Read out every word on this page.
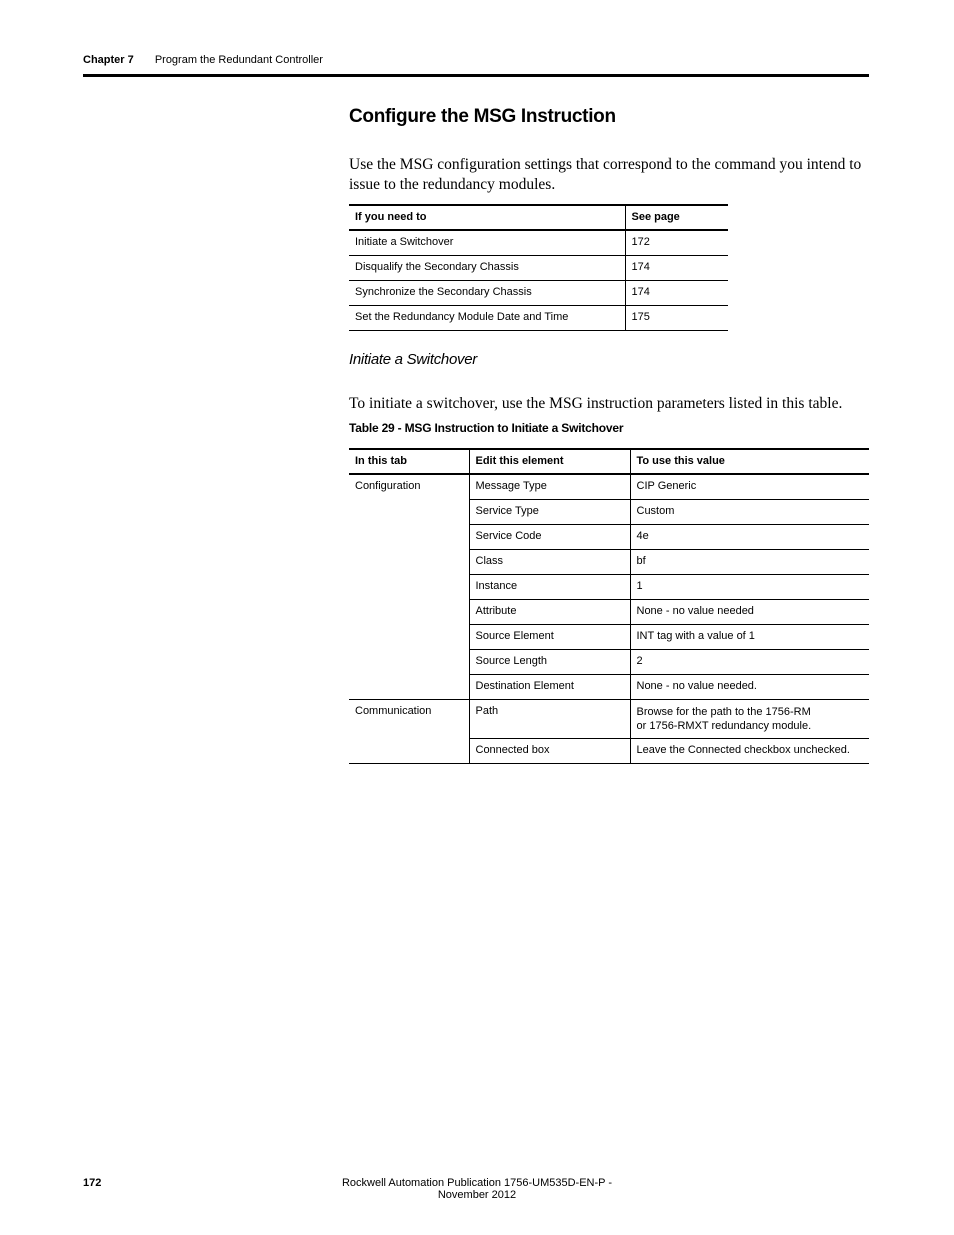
Chapter 7 Program the Redundant Controller
Configure the MSG Instruction
Use the MSG configuration settings that correspond to the command you intend to issue to the redundancy modules.
If you need to	See page
Initiate a Switchover	172
Disqualify the Secondary Chassis	174
Synchronize the Secondary Chassis	174
Set the Redundancy Module Date and Time	175
Initiate a Switchover
To initiate a switchover, use the MSG instruction parameters listed in this table.
Table 29 - MSG Instruction to Initiate a Switchover
In this tab	Edit this element	To use this value
Configuration	Message Type	CIP Generic
	Service Type	Custom
	Service Code	4e
	Class	bf
	Instance	1
	Attribute	None - no value needed
	Source Element	INT tag with a value of 1
	Source Length	2
	Destination Element	None - no value needed.
Communication	Path	Browse for the path to the 1756-RM or 1756-RMXT redundancy module.

	Connected box	Leave the Connected checkbox unchecked.
172	Rockwell Automation Publication 1756-UM535D-EN-P - November 2012
